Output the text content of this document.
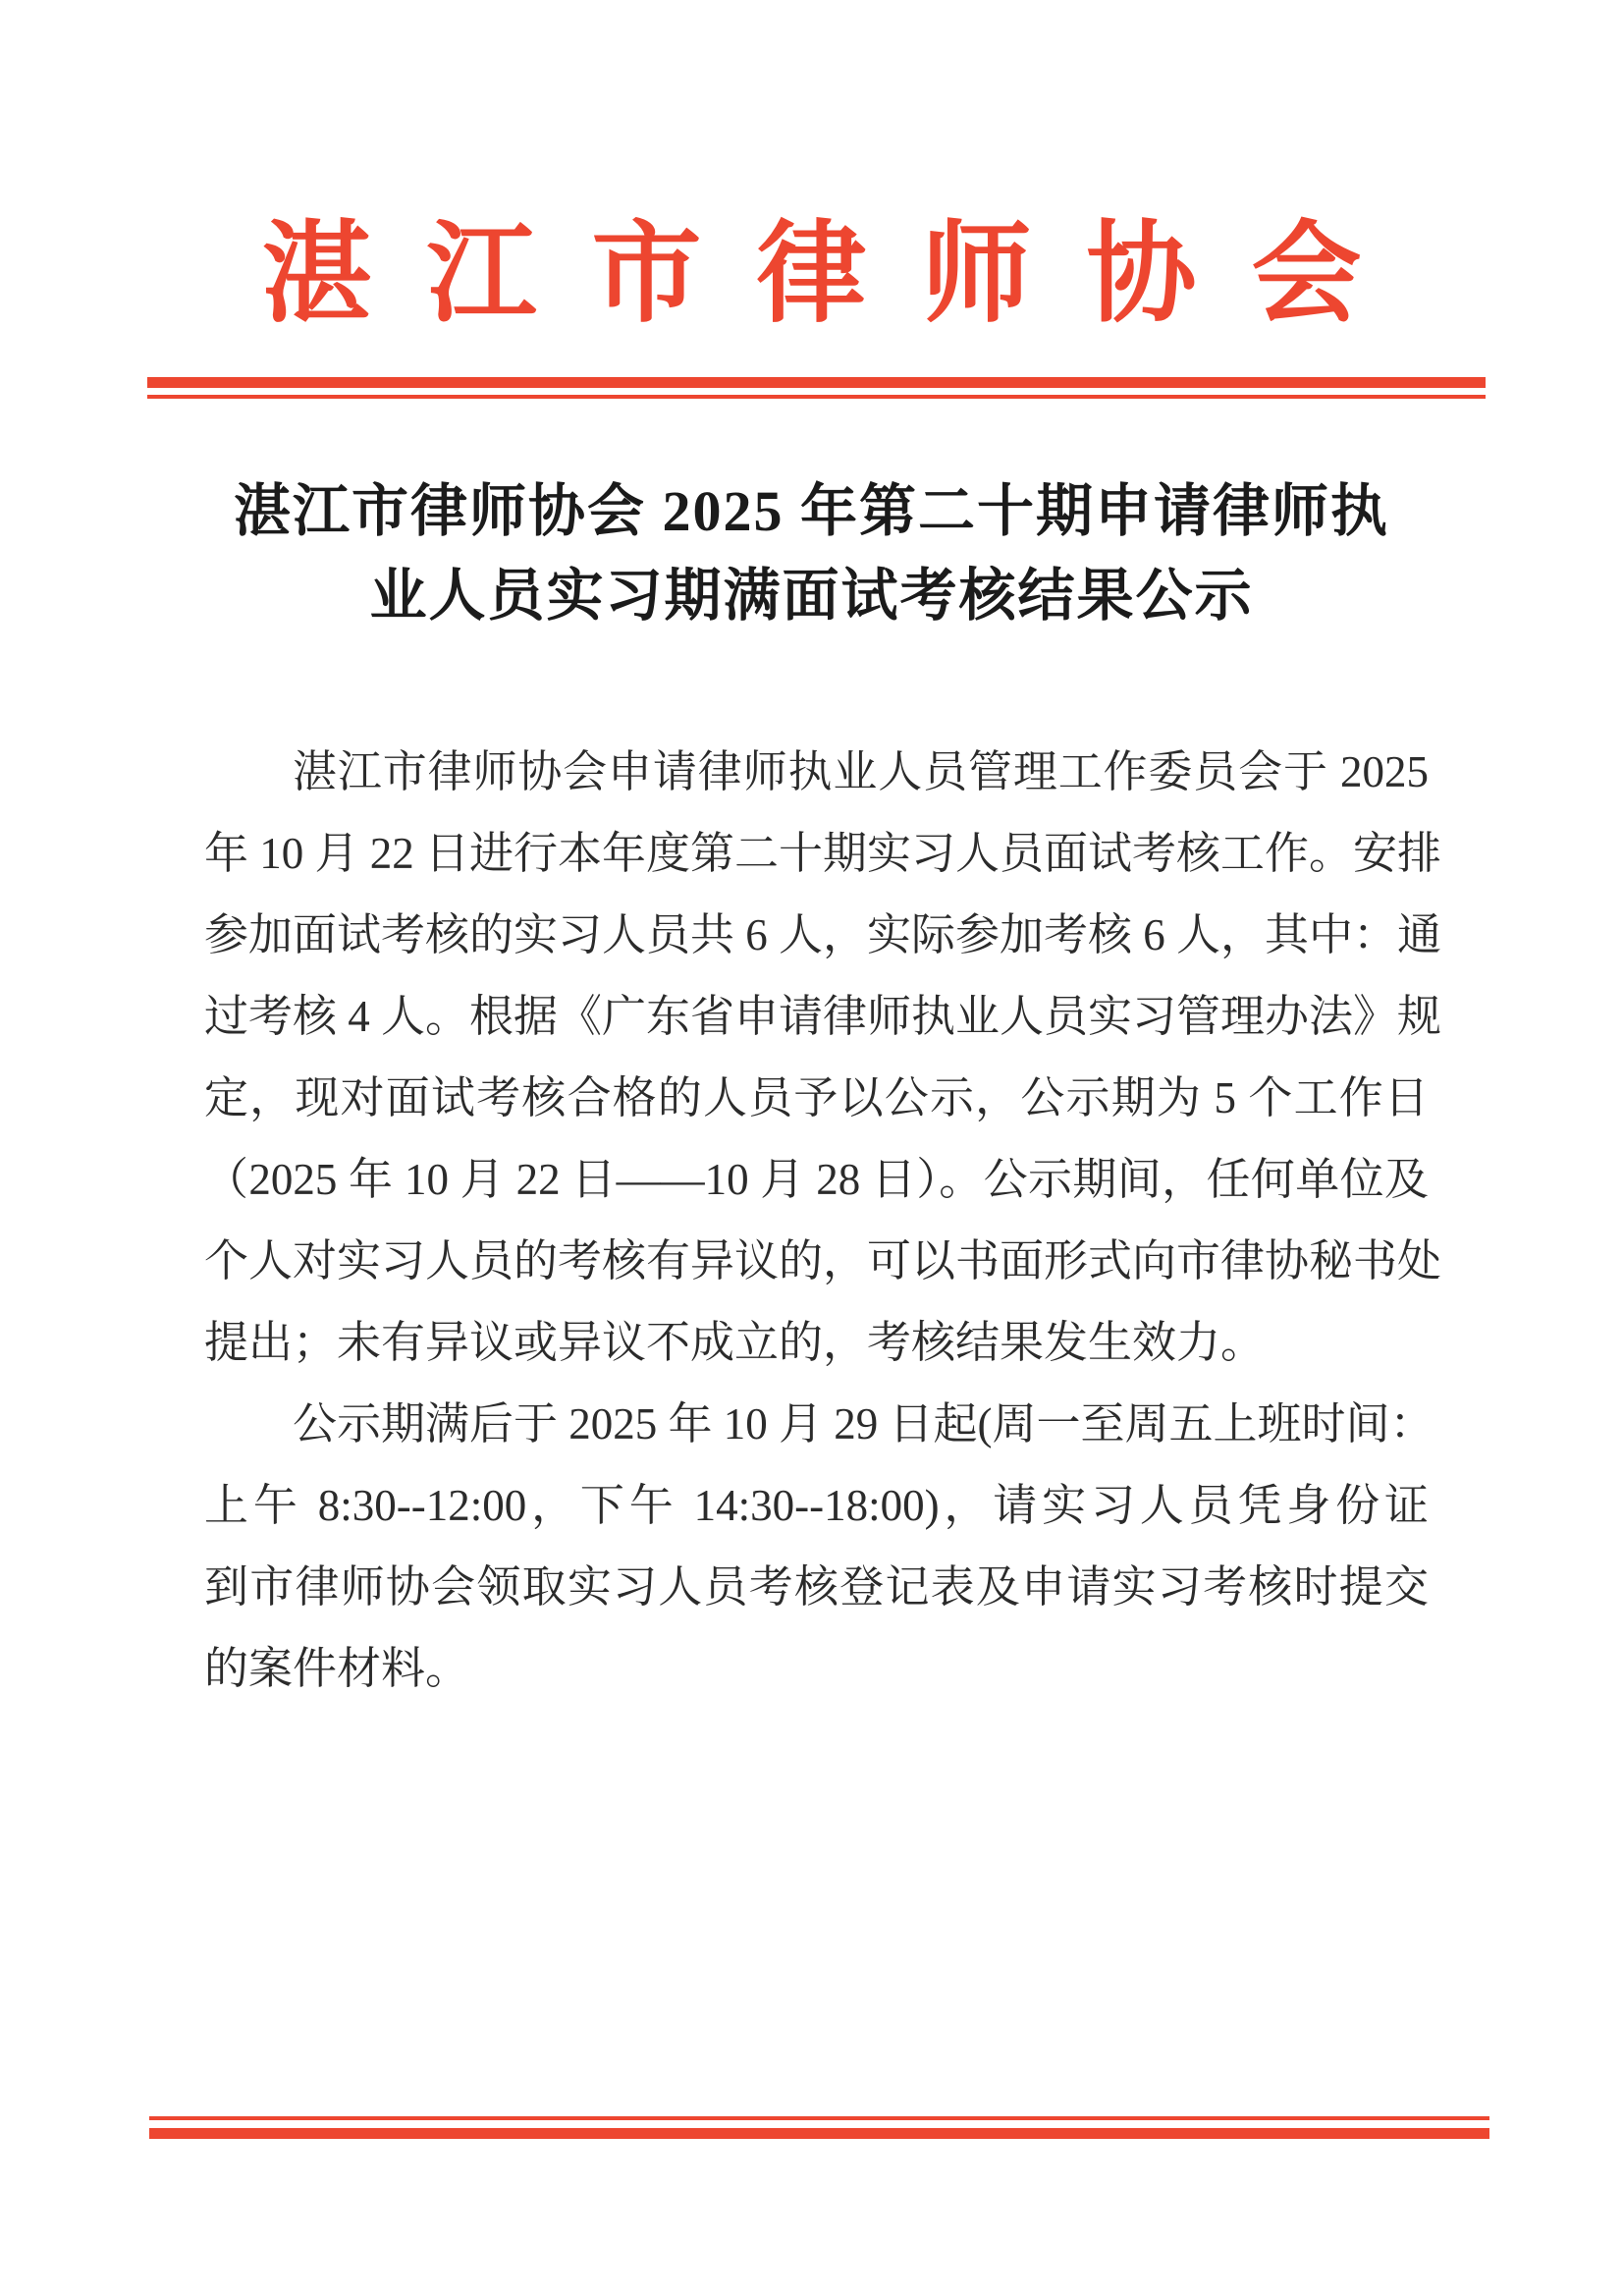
湛江市律师协会
湛江市律师协会 2025 年第二十期申请律师执
业人员实习期满面试考核结果公示
湛江市律师协会申请律师执业人员管理工作委员会于 2025
年 10 月 22 日进行本年度第二十期实习人员面试考核工作。安排
参加面试考核的实习人员共 6 人，实际参加考核 6 人，其中：通
过考核 4 人。根据《广东省申请律师执业人员实习管理办法》规
定，现对面试考核合格的人员予以公示，公示期为 5 个工作日
（2025 年 10 月 22 日——10 月 28 日）。公示期间，任何单位及
个人对实习人员的考核有异议的，可以书面形式向市律协秘书处
提出；未有异议或异议不成立的，考核结果发生效力。
公示期满后于 2025 年 10 月 29 日起(周一至周五上班时间：
上午 8:30--12:00，下午 14:30--18:00)，请实习人员凭身份证
到市律师协会领取实习人员考核登记表及申请实习考核时提交
的案件材料。
